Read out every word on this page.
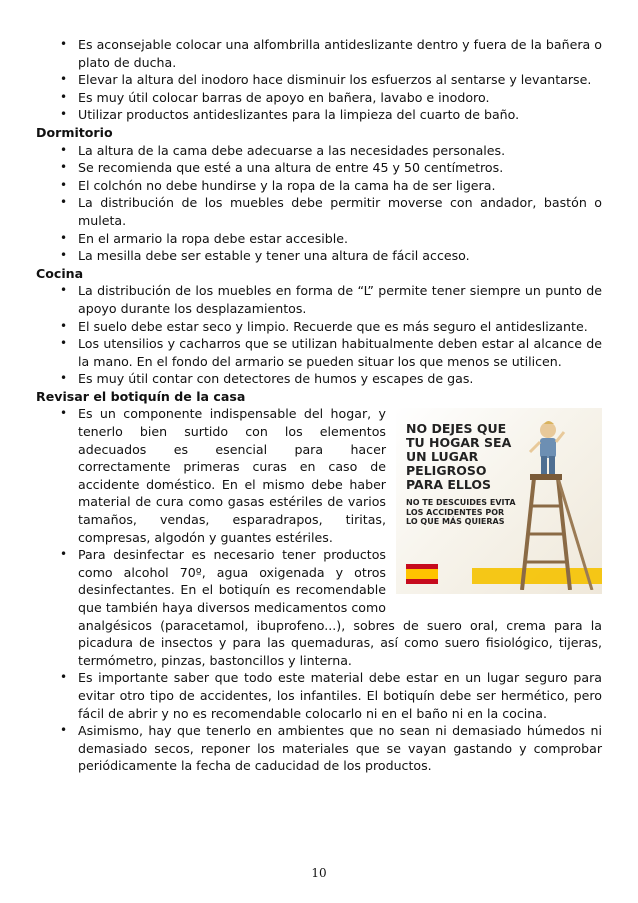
• Es aconsejable colocar una alfombrilla antideslizante dentro y fuera de la bañera o plato de ducha.
• Elevar la altura del inodoro hace disminuir los esfuerzos al sentarse y levantarse.
• Es muy útil colocar barras de apoyo en bañera, lavabo e inodoro.
• Utilizar productos antideslizantes para la limpieza del cuarto de baño.

Dormitorio

• La altura de la cama debe adecuarse a las necesidades personales.
• Se recomienda que esté a una altura de entre 45 y 50 centímetros.
• El colchón no debe hundirse y la ropa de la cama ha de ser ligera.
• La distribución de los muebles debe permitir moverse con andador, bastón o muleta.
• En el armario la ropa debe estar accesible.
• La mesilla debe ser estable y tener una altura de fácil acceso.

Cocina

• La distribución de los muebles en forma de “L” permite tener siempre un punto de apoyo durante los desplazamientos.
• El suelo debe estar seco y limpio. Recuerde que es más seguro el antideslizante.
• Los utensilios y cacharros que se utilizan habitualmente deben estar al alcance de la mano. En el fondo del armario se pueden situar los que menos se utilicen.
• Es muy útil contar con detectores de humos y escapes de gas.

Revisar el botiquín de la casa

NO DEJES QUE TU HOGAR SEA UN LUGAR PELIGROSO PARA ELLOS
NO TE DESCUIDES EVITA LOS ACCIDENTES POR LO QUE MÁS QUIERAS
• Es un componente indispensable del hogar, y tenerlo bien surtido con los elementos adecuados es esencial para hacer correctamente primeras curas en caso de accidente doméstico. En el mismo debe haber material de cura como gasas estériles de varios tamaños, vendas, esparadrapos, tiritas, compresas, algodón y guantes estériles.
• Para desinfectar es necesario tener productos como alcohol 70º, agua oxigenada y otros desinfectantes. En el botiquín es recomendable que también haya diversos medicamentos como analgésicos (paracetamol, ibuprofeno...), sobres de suero oral, crema para la picadura de insectos y para las quemaduras, así como suero fisiológico, tijeras, termómetro, pinzas, bastoncillos y linterna.
• Es importante saber que todo este material debe estar en un lugar seguro para evitar otro tipo de accidentes, los infantiles. El botiquín debe ser hermético, pero fácil de abrir y no es recomendable colocarlo ni en el baño ni en la cocina.
• Asimismo, hay que tenerlo en ambientes que no sean ni demasiado húmedos ni demasiado secos, reponer los materiales que se vayan gastando y comprobar periódicamente la fecha de caducidad de los productos.
10
